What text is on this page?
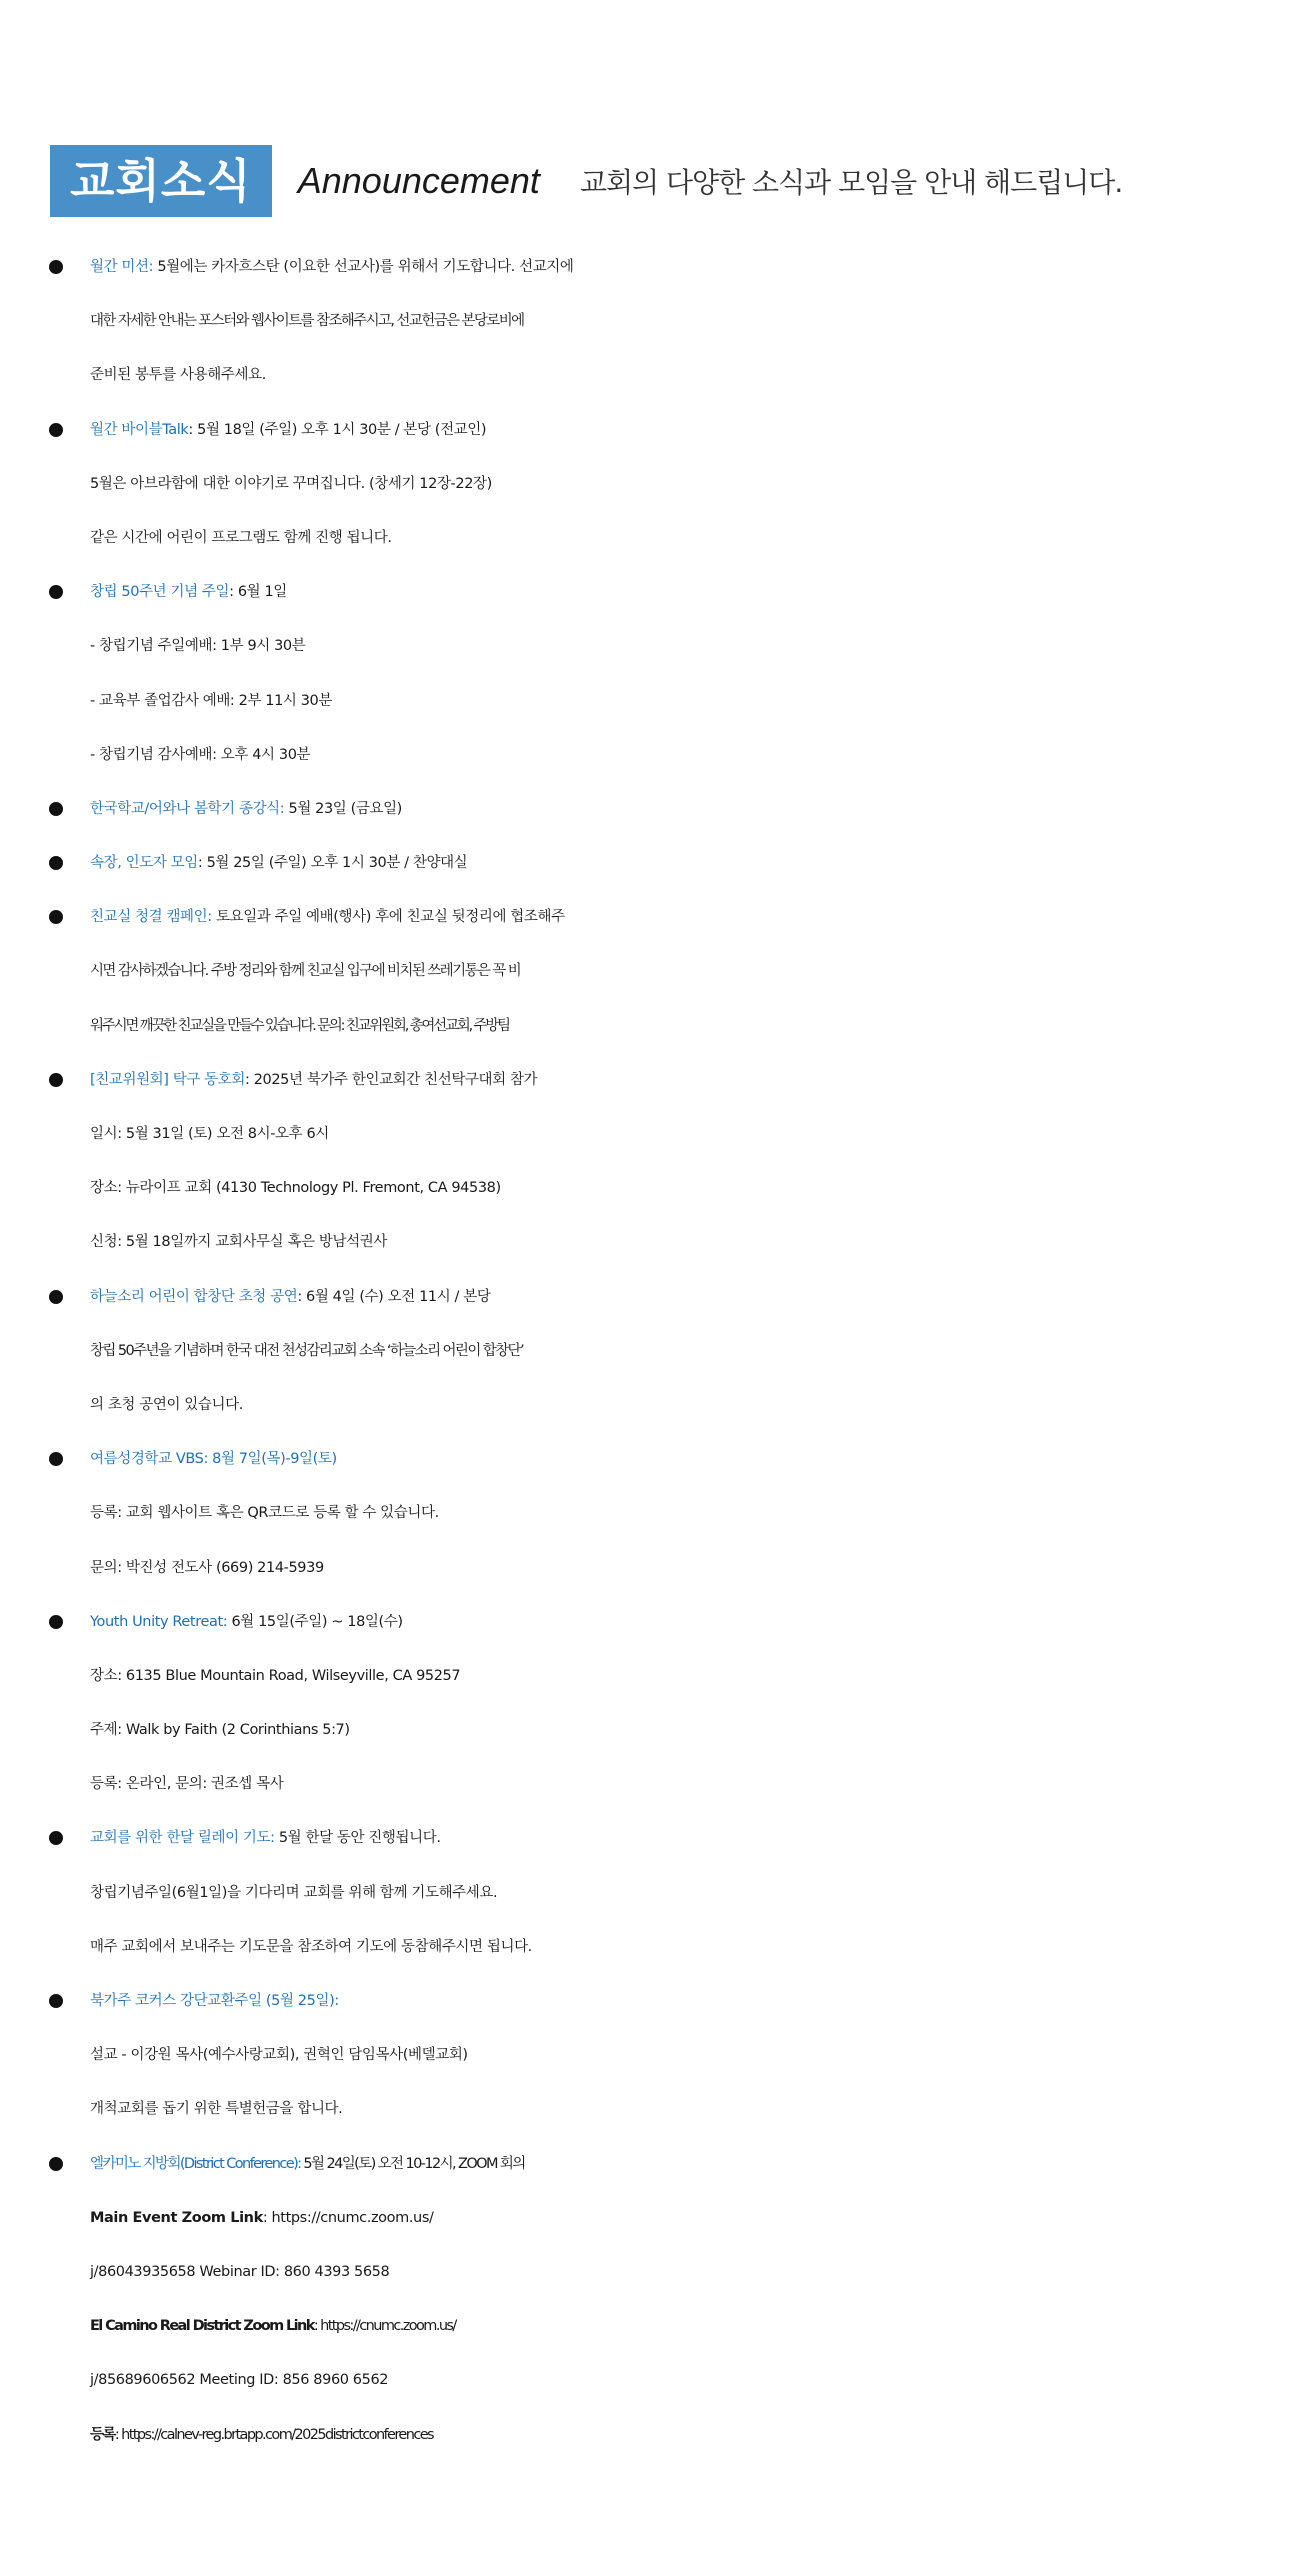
교회소식	Announcement 교회의 다양한 소식과 모임을 안내 해드립니다.
월간 미션: 5월에는 카자흐스탄 (이요한 선교사)를 위해서 기도합니다. 선교지에
대한 자세한 안내는 포스터와 웹사이트를 참조해주시고, 선교헌금은 본당로비에
준비된 봉투를 사용해주세요.
월간 바이블Talk: 5월 18일 (주일) 오후 1시 30분 / 본당 (전교인)
5월은 아브라함에 대한 이야기로 꾸며집니다. (창세기 12장-22장)
같은 시간에 어린이 프로그램도 함께 진행 됩니다.
창립 50주년 기념 주일: 6월 1일
- 창립기념 주일예배: 1부 9시 30븐
- 교육부 졸업감사 예배: 2부 11시 30분
- 창립기념 감사예배: 오후 4시 30분
한국학교/어와나 봄학기 종강식: 5월 23일 (금요일)
속장, 인도자 모임: 5월 25일 (주일) 오후 1시 30분 / 찬양대실
친교실 청결 캠페인: 토요일과 주일 예배(행사) 후에 친교실 뒷정리에 협조해주
시면 감사하겠습니다. 주방 정리와 함께 친교실 입구에 비치된 쓰레기통은 꼭 비
워주시면 깨끗한 친교실을 만들수 있습니다. 문의: 친교위원회, 총여선교회, 주방팀
[친교위원회] 탁구 동호회: 2025년 북가주 한인교회간 친선탁구대회 참가
일시: 5월 31일 (토) 오전 8시-오후 6시
장소: 뉴라이프 교회 (4130 Technology Pl. Fremont, CA 94538)
신청: 5월 18일까지 교회사무실 혹은 방남석권사
하늘소리 어린이 합창단 초청 공연: 6월 4일 (수) 오전 11시 / 본당
창립 50주년을 기념하며 한국 대전 천성감리교회 소속 ‘하늘소리 어린이 합창단’
의 초청 공연이 있습니다.
여름성경학교 VBS: 8월 7일(목)-9일(토)
등록: 교회 웹사이트 혹은 QR코드로 등록 할 수 있습니다.
문의: 박진성 전도사 (669) 214-5939
Youth Unity Retreat: 6월 15일(주일) ~ 18일(수)
장소: 6135 Blue Mountain Road, Wilseyville, CA 95257
주제: Walk by Faith (2 Corinthians 5:7)
등록: 온라인, 문의: 권조셉 목사
교회를 위한 한달 릴레이 기도: 5월 한달 동안 진행됩니다.
창립기념주일(6월1일)을 기다리며 교회를 위해 함께 기도해주세요.
매주 교회에서 보내주는 기도문을 참조하여 기도에 동참해주시면 됩니다.
북가주 코커스 강단교환주일 (5월 25일):
설교 - 이강원 목사(예수사랑교회), 권혁인 담임목사(베델교회)
개척교회를 돕기 위한 특별헌금을 합니다.
엘카미노 지방회(District Conference): 5월 24일(토) 오전 10-12시, ZOOM 회의
Main Event Zoom Link: https://cnumc.zoom.us/
j/86043935658 Webinar ID: 860 4393 5658
El Camino Real District Zoom Link: https://cnumc.zoom.us/
j/85689606562 Meeting ID: 856 8960 6562
등록: https://calnev-reg.brtapp.com/2025districtconferences
